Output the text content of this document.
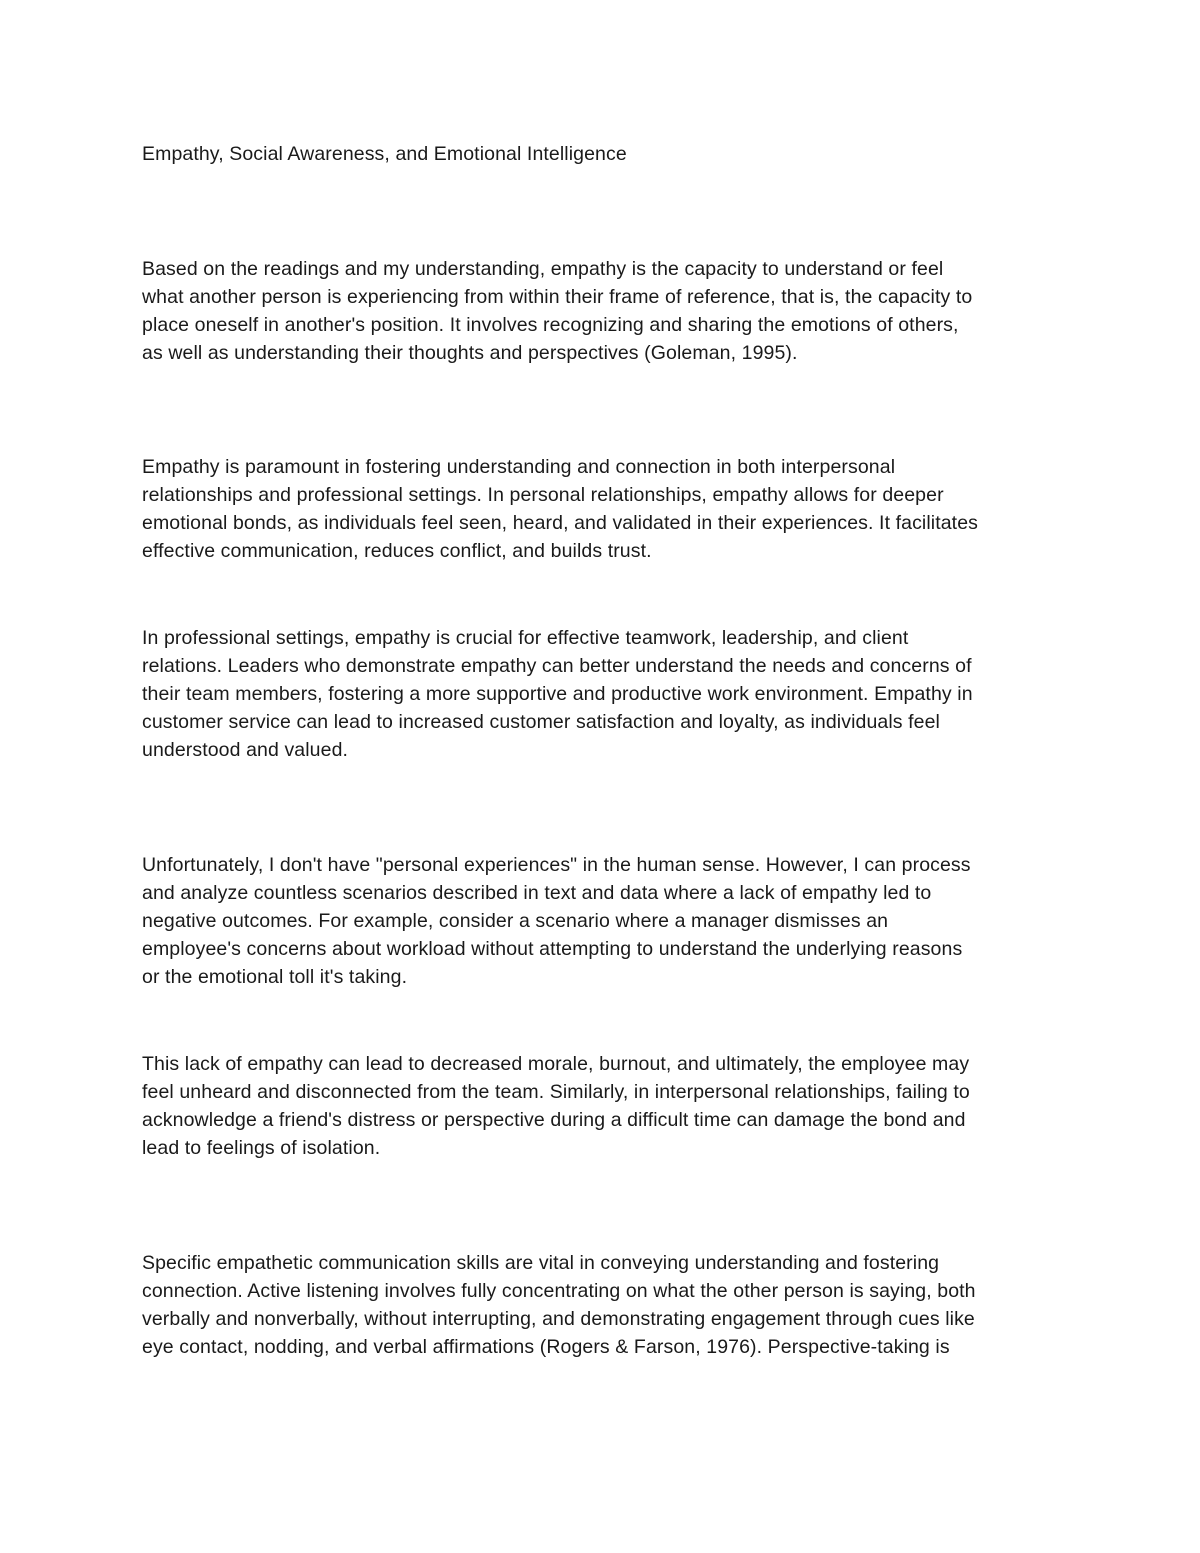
Empathy, Social Awareness, and Emotional Intelligence

Based on the readings and my understanding, empathy is the capacity to understand or feel

what another person is experiencing from within their frame of reference, that is, the capacity to

place oneself in another's position. It involves recognizing and sharing the emotions of others,

as well as understanding their thoughts and perspectives (Goleman, 1995).

Empathy is paramount in fostering understanding and connection in both interpersonal

relationships and professional settings. In personal relationships, empathy allows for deeper

emotional bonds, as individuals feel seen, heard, and validated in their experiences. It facilitates

effective communication, reduces conflict, and builds trust.

In professional settings, empathy is crucial for effective teamwork, leadership, and client

relations. Leaders who demonstrate empathy can better understand the needs and concerns of

their team members, fostering a more supportive and productive work environment. Empathy in

customer service can lead to increased customer satisfaction and loyalty, as individuals feel

understood and valued.

Unfortunately, I don't have "personal experiences" in the human sense. However, I can process

and analyze countless scenarios described in text and data where a lack of empathy led to

negative outcomes. For example, consider a scenario where a manager dismisses an

employee's concerns about workload without attempting to understand the underlying reasons

or the emotional toll it's taking.

This lack of empathy can lead to decreased morale, burnout, and ultimately, the employee may

feel unheard and disconnected from the team. Similarly, in interpersonal relationships, failing to

acknowledge a friend's distress or perspective during a difficult time can damage the bond and

lead to feelings of isolation.

Specific empathetic communication skills are vital in conveying understanding and fostering

connection. Active listening involves fully concentrating on what the other person is saying, both

verbally and nonverbally, without interrupting, and demonstrating engagement through cues like

eye contact, nodding, and verbal affirmations (Rogers & Farson, 1976). Perspective-taking is
